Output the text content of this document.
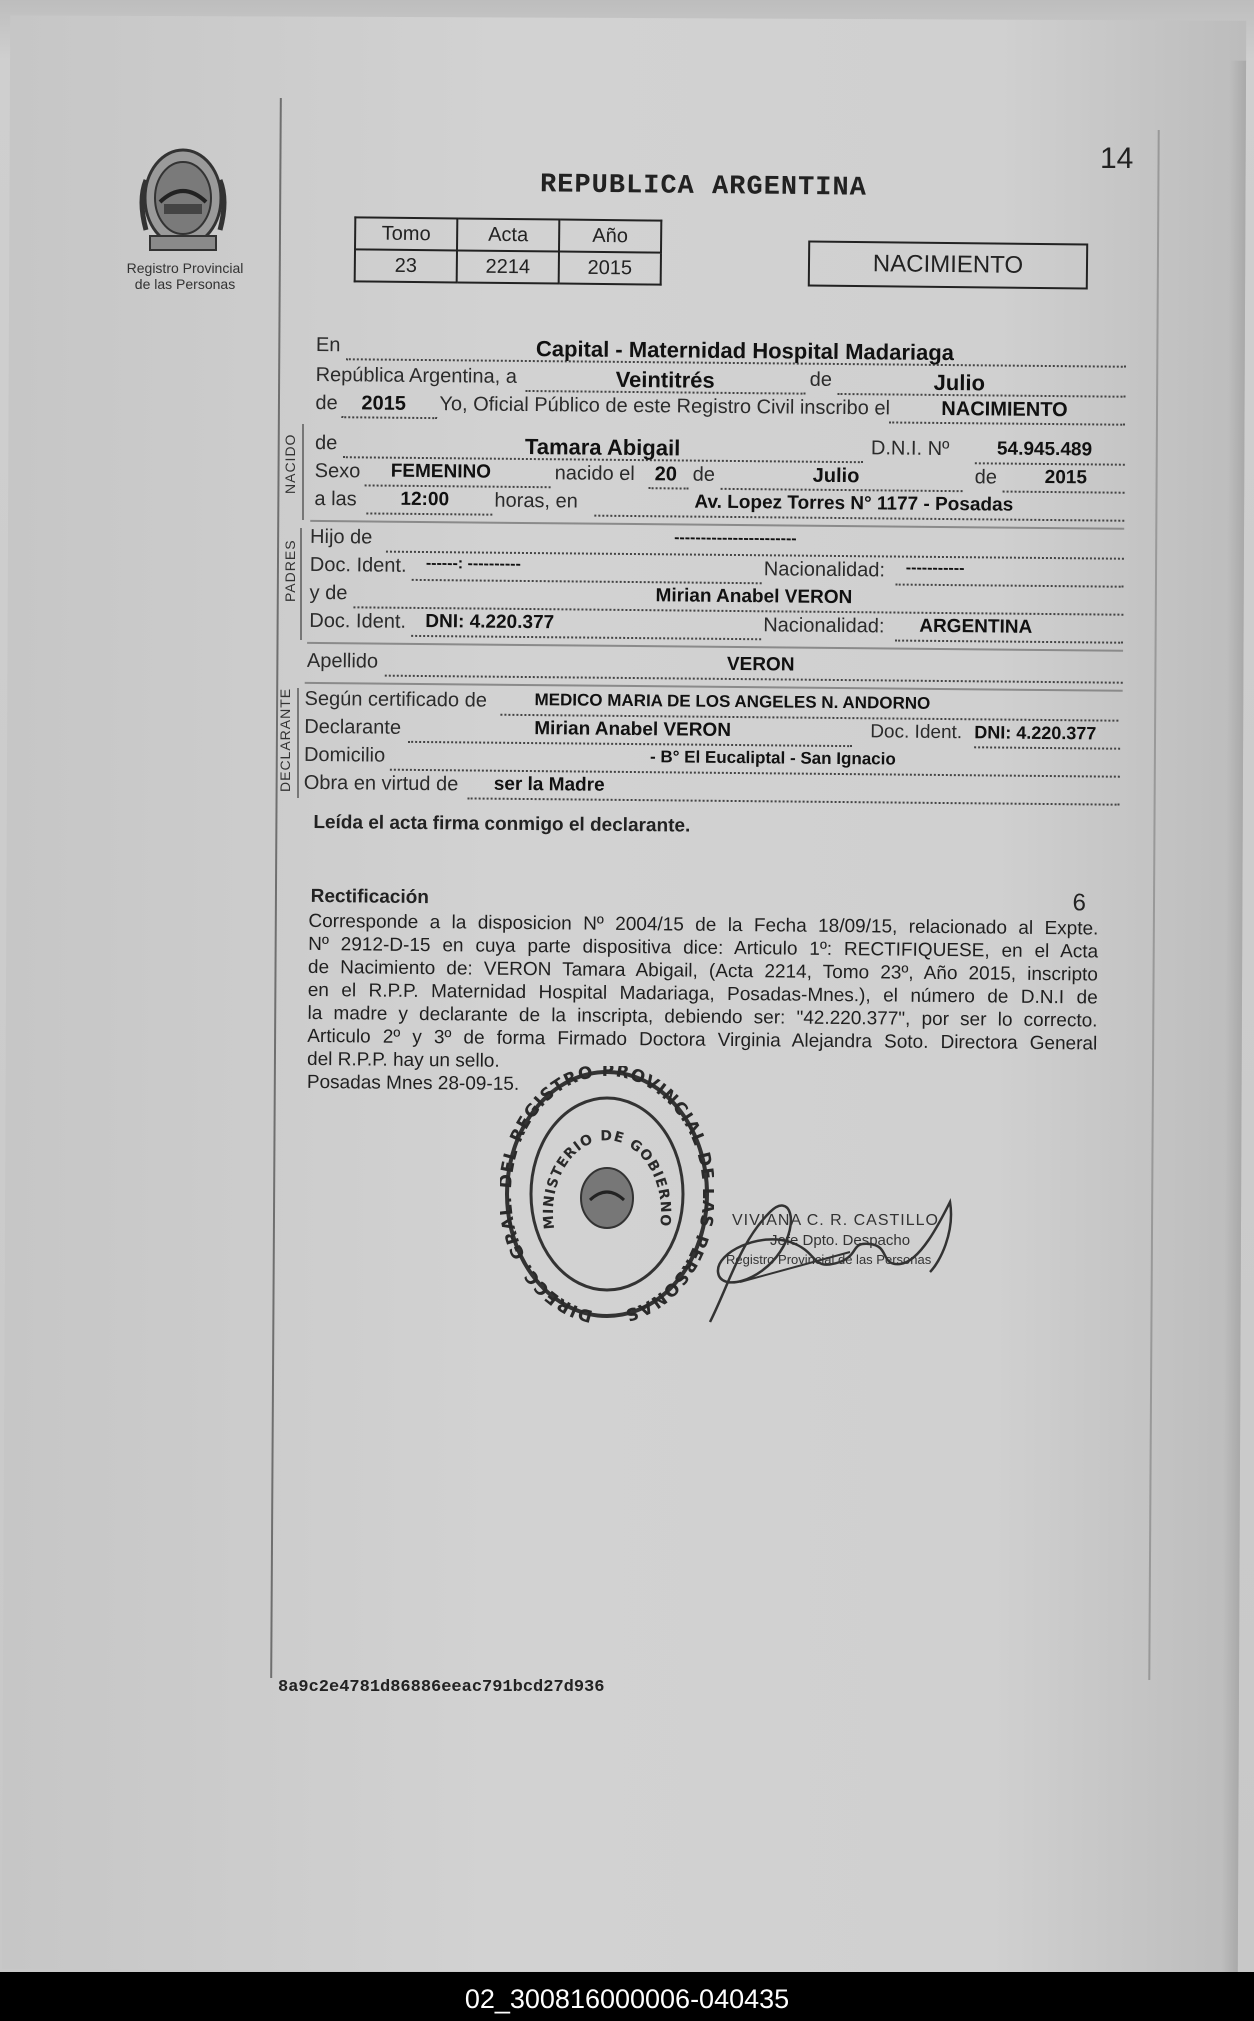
14
Registro Provincial
de las Personas
REPUBLICA ARGENTINA
Tomo	Acta	Año
23	2214	2015	NACIMIENTO
NACIDO
PADRES
DECLARANTE
En	Capital - Maternidad Hospital Madariaga
República Argentina, a	Veintitrés	de	Julio
de 2015 Yo, Oficial Público de este Registro Civil inscribo el	NACIMIENTO
de	Tamara Abigail	D.N.I. Nº 54.945.489
Sexo FEMENINO	nacido el 20 de	Julio	de	2015
a las 12:00 horas, en	Av. Lopez Torres N° 1177 - Posadas
Hijo de	-----------------------
Doc. Ident. ------: ----------	Nacionalidad: -----------
y de	Mirian Anabel VERON
Doc. Ident. DNI: 4.220.377	Nacionalidad: ARGENTINA
Apellido	VERON
Según certificado de	MEDICO MARIA DE LOS ANGELES N. ANDORNO
Declarante	Mirian Anabel VERON	Doc. Ident. DNI: 4.220.377
Domicilio	- B° El Eucaliptal - San Ignacio
Obra en virtud de ser la Madre
Leída el acta firma conmigo el declarante.
Rectificación	6
Corresponde a la disposicion Nº 2004/15 de la Fecha 18/09/15, relacionado al Expte.
Nº 2912-D-15 en cuya parte dispositiva dice: Articulo 1º: RECTIFIQUESE, en el Acta
de Nacimiento de: VERON Tamara Abigail, (Acta 2214, Tomo 23º, Año 2015, inscripto
en el R.P.P. Maternidad Hospital Madariaga, Posadas-Mnes.), el número de D.N.I de
la madre y declarante de la inscripta, debiendo ser: "42.220.377", por ser lo correcto.
Articulo 2º y 3º de forma Firmado Doctora Virginia Alejandra Soto. Directora General
del R.P.P. hay un sello.
Posadas Mnes 28-09-15.
DIRECC. GR L REGISTRO PROVINCIAL D PERSONAS
MINISTERIO DE GOBIERNO	VIVIANA C. R. CASTILLO
Jefe Dpto. Despacho
Registro Provincial de las Personas
8a9c2e4781d86886eeac791bcd27d936
02_300816000006-040435
